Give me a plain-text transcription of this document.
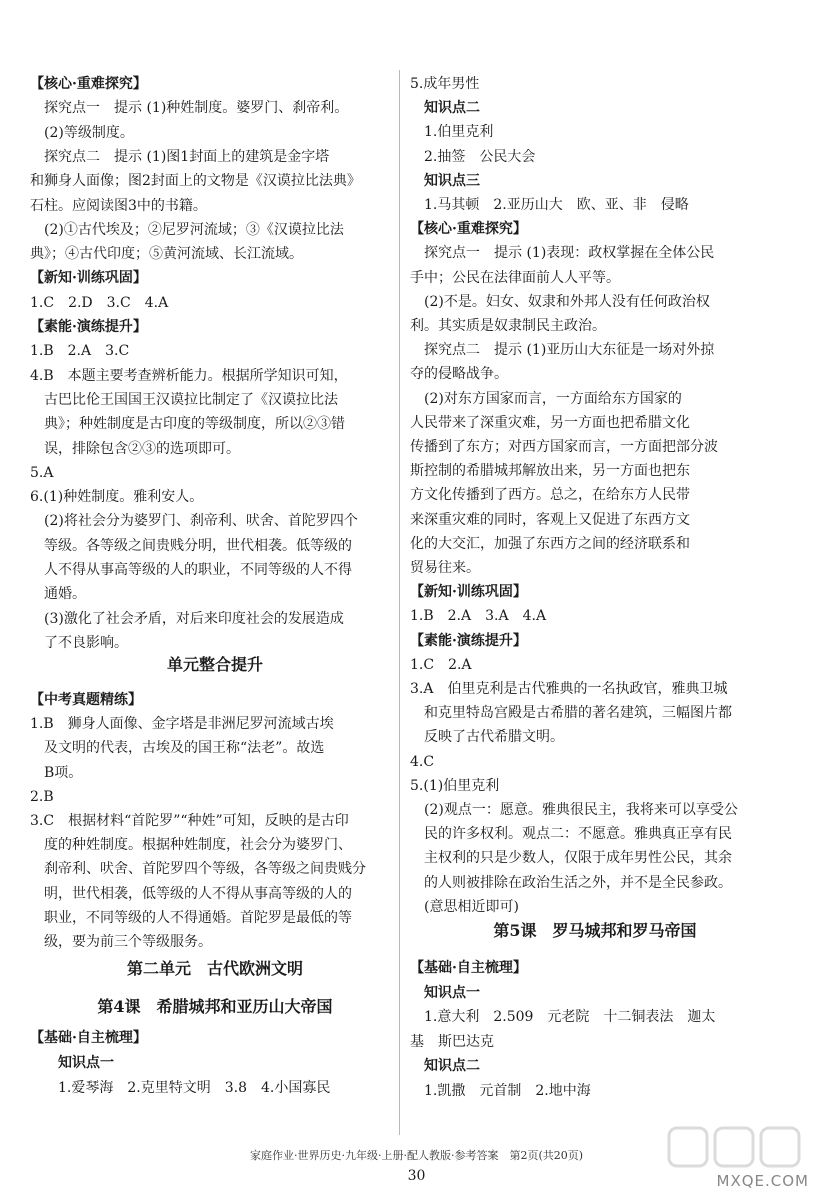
【核心·重难探究】
探究点一　提示 (1)种姓制度。婆罗门、刹帝利。
(2)等级制度。
探究点二　提示 (1)图1封面上的建筑是金字塔
和狮身人面像；图2封面上的文物是《汉谟拉比法典》
石柱。应阅读图3中的书籍。
(2)①古代埃及；②尼罗河流域；③《汉谟拉比法
典》；④古代印度；⑤黄河流域、长江流域。
【新知·训练巩固】
1.C　2.D　3.C　4.A
【素能·演练提升】
1.B　2.A　3.C
4.B　本题主要考查辨析能力。根据所学知识可知，
古巴比伦王国国王汉谟拉比制定了《汉谟拉比法
典》；种姓制度是古印度的等级制度，所以②③错
误，排除包含②③的选项即可。
5.A
6.(1)种姓制度。雅利安人。
(2)将社会分为婆罗门、刹帝利、吠舍、首陀罗四个
等级。各等级之间贵贱分明，世代相袭。低等级的
人不得从事高等级的人的职业，不同等级的人不得
通婚。
(3)激化了社会矛盾，对后来印度社会的发展造成
了不良影响。
单元整合提升
【中考真题精练】
1.B　狮身人面像、金字塔是非洲尼罗河流域古埃
及文明的代表，古埃及的国王称“法老”。故选
B项。
2.B
3.C　根据材料“首陀罗”“种姓”可知，反映的是古印
度的种姓制度。根据种姓制度，社会分为婆罗门、
刹帝利、吠舍、首陀罗四个等级，各等级之间贵贱分
明，世代相袭，低等级的人不得从事高等级的人的
职业，不同等级的人不得通婚。首陀罗是最低的等
级，要为前三个等级服务。
第二单元　古代欧洲文明
第4课　希腊城邦和亚历山大帝国
【基础·自主梳理】
知识点一
1.爱琴海　2.克里特文明　3.8　4.小国寡民
5.成年男性
知识点二
1.伯里克利
2.抽签　公民大会
知识点三
1.马其顿　2.亚历山大　欧、亚、非　侵略
【核心·重难探究】
探究点一　提示 (1)表现：政权掌握在全体公民
手中；公民在法律面前人人平等。
(2)不是。妇女、奴隶和外邦人没有任何政治权
利。其实质是奴隶制民主政治。
探究点二　提示 (1)亚历山大东征是一场对外掠
夺的侵略战争。
(2)对东方国家而言，一方面给东方国家的
人民带来了深重灾难，另一方面也把希腊文化
传播到了东方；对西方国家而言，一方面把部分波
斯控制的希腊城邦解放出来，另一方面也把东
方文化传播到了西方。总之，在给东方人民带
来深重灾难的同时，客观上又促进了东西方文
化的大交汇，加强了东西方之间的经济联系和
贸易往来。
【新知·训练巩固】
1.B　2.A　3.A　4.A
【素能·演练提升】
1.C　2.A
3.A　伯里克利是古代雅典的一名执政官，雅典卫城
和克里特岛宫殿是古希腊的著名建筑，三幅图片都
反映了古代希腊文明。
4.C
5.(1)伯里克利
(2)观点一：愿意。雅典很民主，我将来可以享受公
民的许多权利。观点二：不愿意。雅典真正享有民
主权利的只是少数人，仅限于成年男性公民，其余
的人则被排除在政治生活之外，并不是全民参政。
(意思相近即可)
第5课　罗马城邦和罗马帝国
【基础·自主梳理】
知识点一
1.意大利　2.509　元老院　十二铜表法　迦太
基　斯巴达克
知识点二
1.凯撒　元首制　2.地中海
家庭作业·世界历史·九年级·上册·配人教版·参考答案　第2页(共20页)
30	MXQE.COM
